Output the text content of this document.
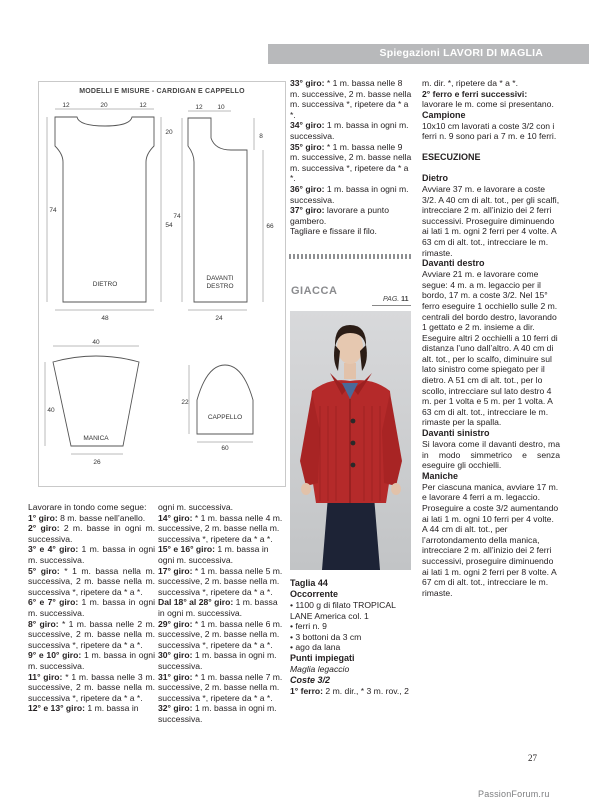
Spiegazioni LAVORI DI MAGLIA
MODELLI E MISURE - CARDIGAN E CAPPELLO
12	20	12
20
54
74
48
DIETRO
12 10
8
66
74
24
DAVANTI
DESTRO
40
40
26
MANICA
22
60
CAPPELLO

Lavorare in tondo come segue:

1° giro: 8 m. basse nell’anello.

2° giro: 2 m. basse in ogni m. successiva.

3° e 4° giro: 1 m. bassa in ogni m. successiva.

5° giro: * 1 m. bassa nella m. successiva, 2 m. basse nella m. successiva *, ripetere da * a *.

6° e 7° giro: 1 m. bassa in ogni m. successiva.

8° giro: * 1 m. bassa nelle 2 m. successive, 2 m. basse nella m. successiva *, ripetere da * a *.

9° e 10° giro: 1 m. bassa in ogni m. successiva.

11° giro: * 1 m. bassa nelle 3 m. successive, 2 m. basse nella m. successiva *, ripetere da * a *.

12° e 13° giro: 1 m. bassa in

ogni m. successiva.

14° giro: * 1 m. bassa nelle 4 m. successive, 2 m. basse nella m. successiva *, ripetere da * a *.

15° e 16° giro: 1 m. bassa in ogni m. successiva.

17° giro: * 1 m. bassa nelle 5 m. successive, 2 m. basse nella m. successiva *, ripetere da * a *.

Dal 18° al 28° giro: 1 m. bassa in ogni m. successiva.

29° giro: * 1 m. bassa nelle 6 m. successive, 2 m. basse nella m. successiva *, ripetere da * a *.

30° giro: 1 m. bassa in ogni m. successiva.

31° giro: * 1 m. bassa nelle 7 m. successive, 2 m. basse nella m. successiva *, ripetere da * a *.

32° giro: 1 m. bassa in ogni m. successiva.

33° giro: * 1 m. bassa nelle 8 m. successive, 2 m. basse nella m. successiva *, ripetere da * a *.

34° giro: 1 m. bassa in ogni m. successiva.

35° giro: * 1 m. bassa nelle 9 m. successive, 2 m. basse nella m. successiva *, ripetere da * a *.

36° giro: 1 m. bassa in ogni m. successiva.

37° giro: lavorare a punto gambero.

Tagliare e fissare il filo.

GIACCA
PAG. 11

Taglia 44

Occorrente

• 1100 g di filato TROPICAL LANE America col. 1

• ferri n. 9

• 3 bottoni da 3 cm

• ago da lana

Punti impiegati

Maglia legaccio

Coste 3/2

1° ferro: 2 m. dir., * 3 m. rov., 2

m. dir. *, ripetere da * a *.

2° ferro e ferri successivi: lavorare le m. come si presentano.

Campione

10x10 cm lavorati a coste 3/2 con i ferri n. 9 sono pari a 7 m. e 10 ferri.

ESECUZIONE

Dietro

Avviare 37 m. e lavorare a coste 3/2. A 40 cm di alt. tot., per gli scalfi, intrecciare 2 m. all’inizio dei 2 ferri successivi. Proseguire diminuendo ai lati 1 m. ogni 2 ferri per 4 volte. A 63 cm di alt. tot., intrecciare le m. rimaste.

Davanti destro

Avviare 21 m. e lavorare come segue: 4 m. a m. legaccio per il bordo, 17 m. a coste 3/2. Nel 15° ferro eseguire 1 occhiello sulle 2 m. centrali del bordo destro, lavorando 1 gettato e 2 m. insieme a dir. Eseguire altri 2 occhielli a 10 ferri di distanza l’uno dall’altro. A 40 cm di alt. tot., per lo scalfo, diminuire sul lato sinistro come spiegato per il dietro. A 51 cm di alt. tot., per lo scollo, intrecciare sul lato destro 4 m. per 1 volta e 5 m. per 1 volta. A 63 cm di alt. tot., intrecciare le m. rimaste per la spalla.

Davanti sinistro

Si lavora come il davanti destro, ma in modo simmetrico e senza eseguire gli occhielli.

Maniche

Per ciascuna manica, avviare 17 m. e lavorare 4 ferri a m. legaccio. Proseguire a coste 3/2 aumentando ai lati 1 m. ogni 10 ferri per 4 volte. A 44 cm di alt. tot., per l’arrotondamento della manica, intrecciare 2 m. all’inizio dei 2 ferri successivi, proseguire diminuendo ai lati 1 m. ogni 2 ferri per 8 volte. A 67 cm di alt. tot., intrecciare le m. rimaste.

27
PassionForum.ru
